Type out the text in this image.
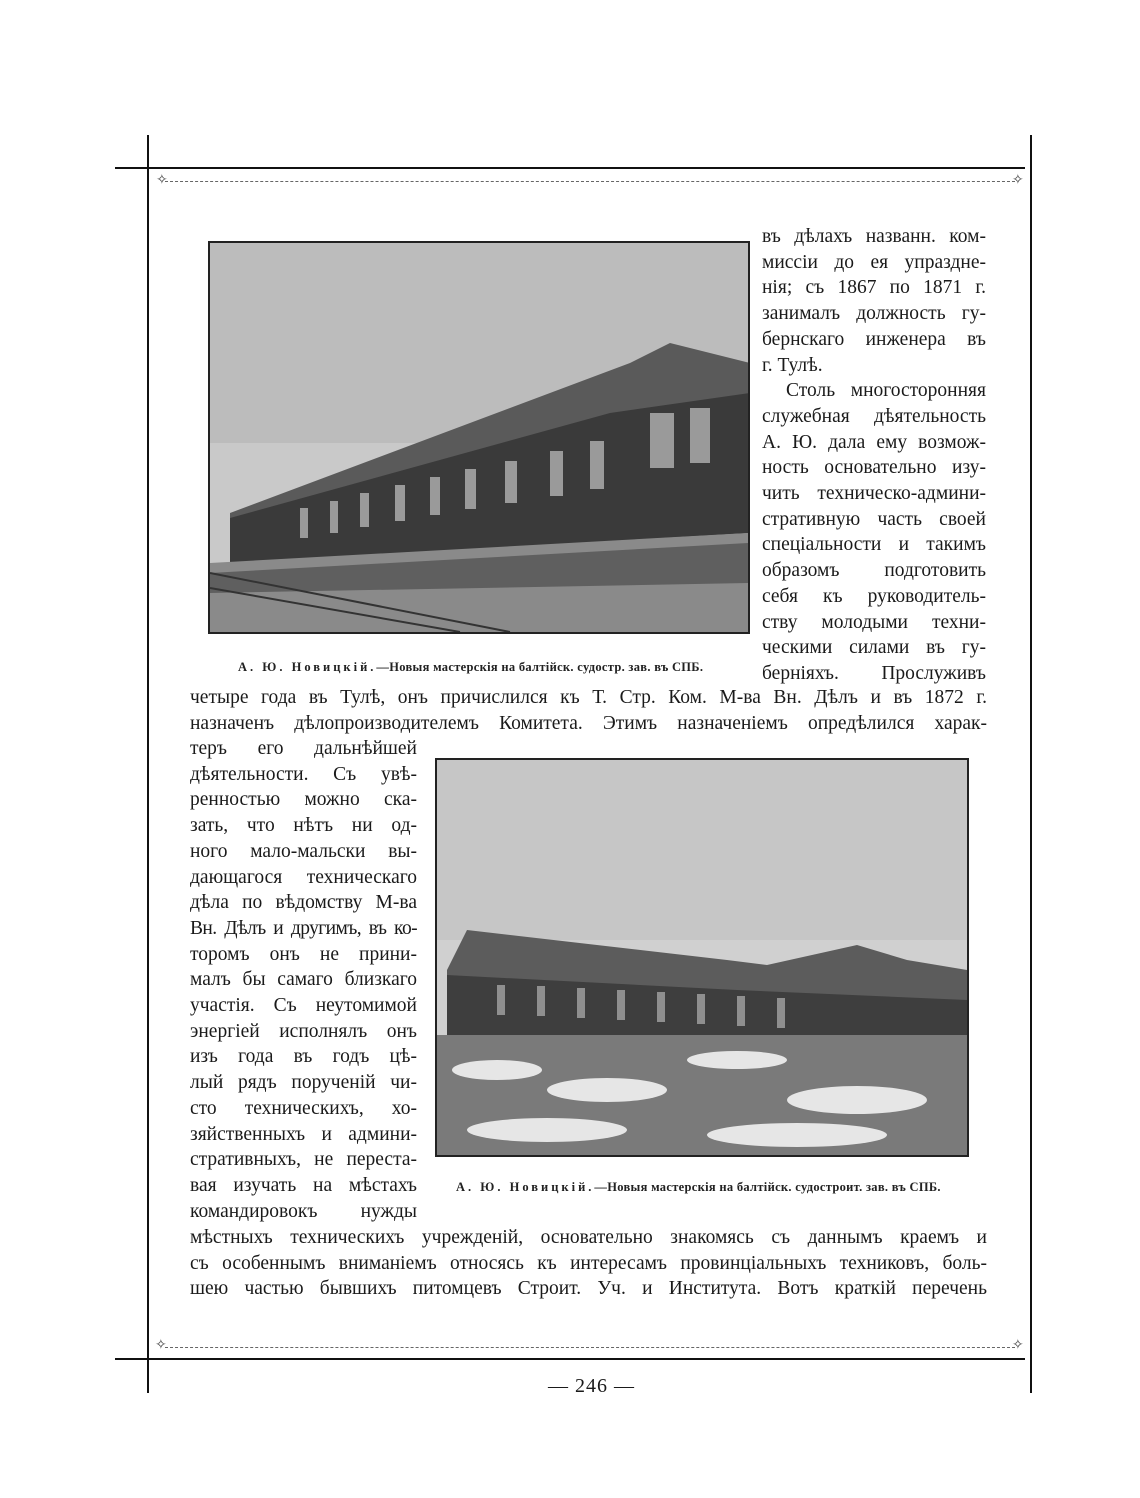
✧	✧
✧	✧
А. Ю. Новицкій.—Новыя мастерскія на балтійск. судостр. зав. въ СПБ.
въ дѣлахъ названн. ком-
миссіи до ея упраздне-
нія; съ 1867 по 1871 г.
занималъ должность гу-
бернскаго инженера въ
г. Тулѣ.
Столь многосторонняя
служебная дѣятельность
А. Ю. дала ему возмож-
ность основательно изу-
чить техническо-админи-
стративную часть своей
спеціальности и такимъ
образомъ подготовить
себя къ руководитель-
ству молодыми техни-
ческими силами въ гу-
берніяхъ. Прослуживъ
четыре года въ Тулѣ, онъ причислился къ Т. Стр. Ком. М-ва Вн. Дѣлъ и въ 1872 г.
назначенъ дѣлопроизводителемъ Комитета. Этимъ назначеніемъ опредѣлился харак-
теръ его дальнѣйшей
дѣятельности. Съ увѣ-
ренностью можно ска-
зать, что нѣтъ ни од-
ного мало-мальски вы-
дающагося техническаго
дѣла по вѣдомству М-ва
Вн. Дѣлъ и другимъ, въ ко-
торомъ онъ не прини-
малъ бы самаго близкаго
участія. Съ неутомимой
энергіей исполнялъ онъ
изъ года въ годъ цѣ-
лый рядъ порученій чи-
сто техническихъ, хо-
зяйственныхъ и админи-
стративныхъ, не переста-
вая изучать на мѣстахъ
командировокъ нужды
А. Ю. Новицкій.—Новыя мастерскія на балтійск. судостроит. зав. въ СПБ.
мѣстныхъ техническихъ учрежденій, основательно знакомясь съ даннымъ краемъ и
съ особеннымъ вниманіемъ относясь къ интересамъ провинціальныхъ техниковъ, боль-
шею частью бывшихъ питомцевъ Строит. Уч. и Института. Вотъ краткій перечень
— 246 —
